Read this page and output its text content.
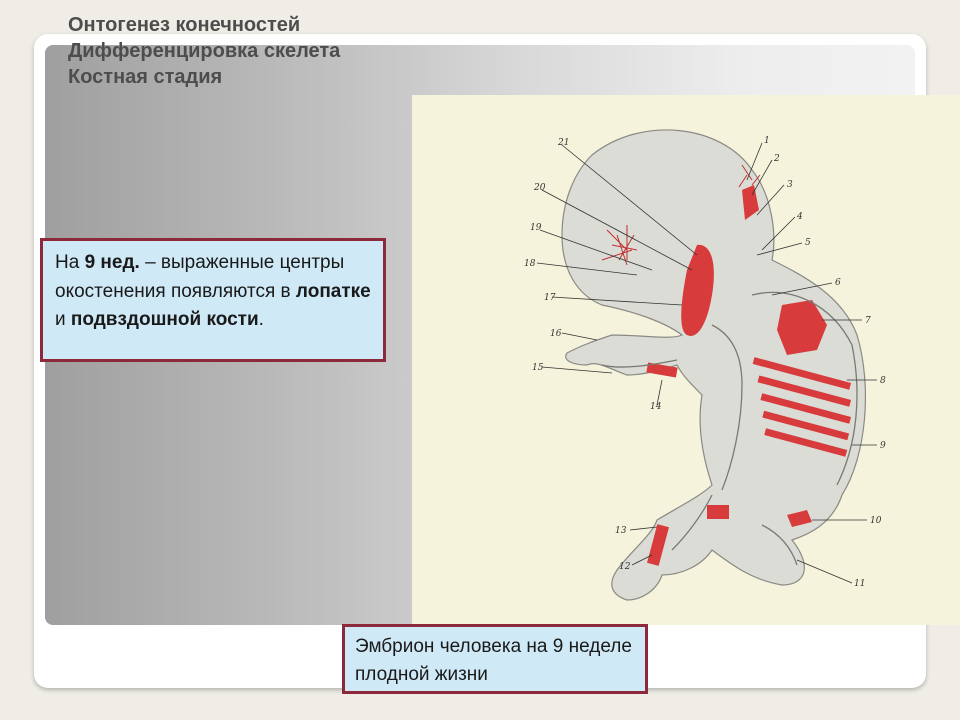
Онтогенез конечностей
Дифференцировка скелета
Костная стадия
21
20
19
18
17
16
15
14
13
12
1
2
3
4
5
6
7
8
9
10
11
На 9 нед. – выраженные центры окостенения появляются в лопатке и подвздошной кости.
Эмбрион человека на 9 неделе плодной жизни
